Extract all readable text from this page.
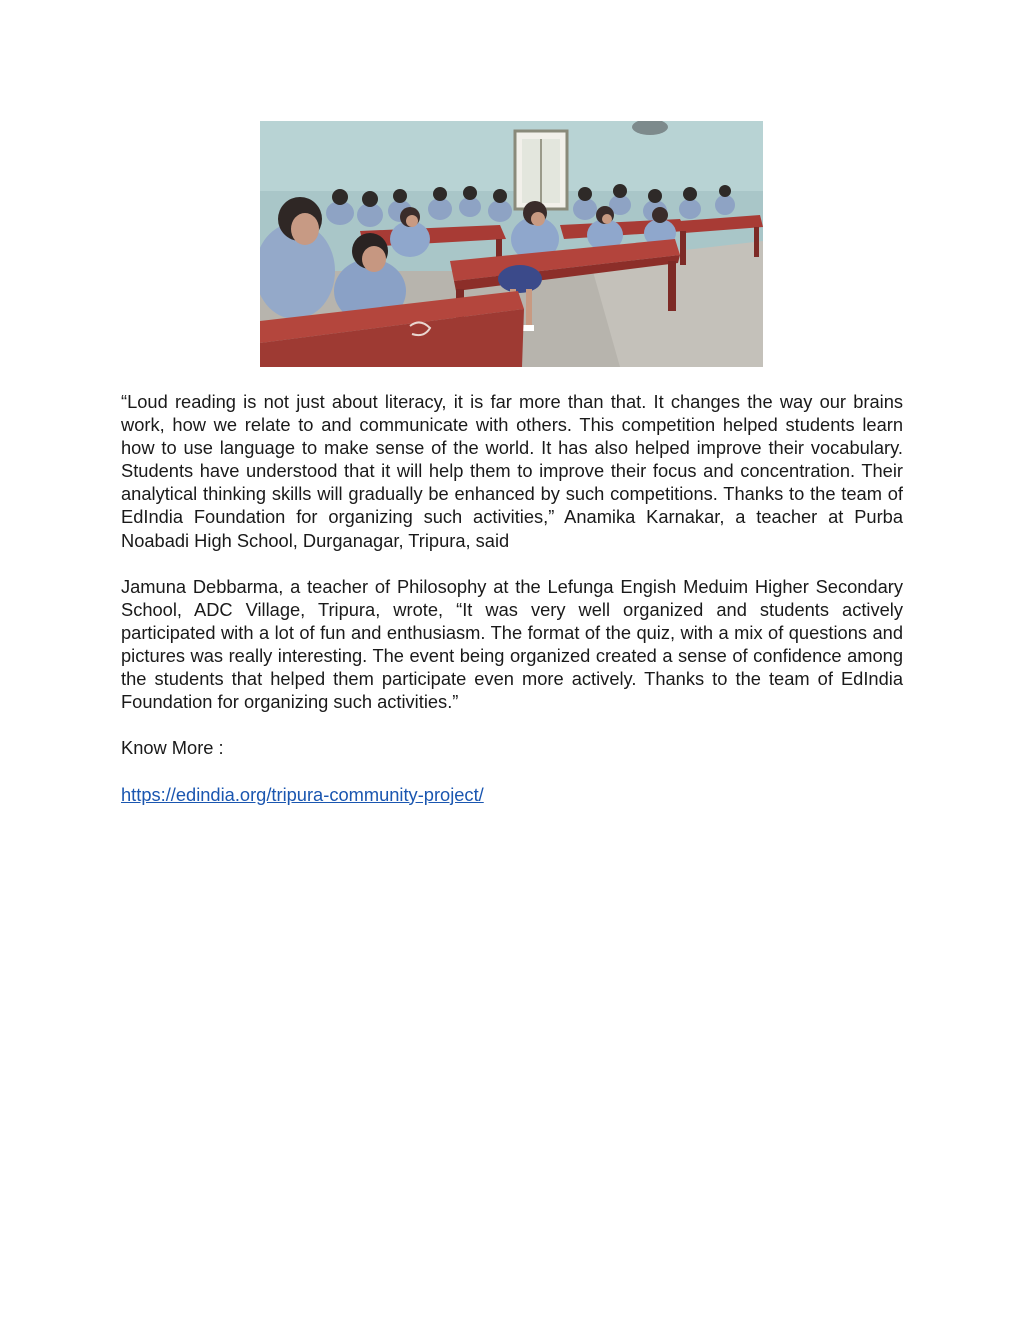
“Loud reading is not just about literacy, it is far more than that. It changes the way our brains work, how we relate to and communicate with others. This competition helped students learn how to use language to make sense of the world. It has also helped improve their vocabulary. Students have understood that it will help them to improve their focus and concentration. Their analytical thinking skills will gradually be enhanced by such competitions. Thanks to the team of EdIndia Foundation for organizing such activities,” Anamika Karnakar, a teacher at Purba Noabadi High School, Durganagar, Tripura, said

Jamuna Debbarma, a teacher of Philosophy at the Lefunga Engish Meduim Higher Secondary School, ADC Village, Tripura, wrote, “It was very well organized and students actively participated with a lot of fun and enthusiasm. The format of the quiz, with a mix of questions and pictures was really interesting. The event being organized created a sense of confidence among the students that helped them participate even more actively. Thanks to the team of EdIndia Foundation for organizing such activities.”

Know More :

https://edindia.org/tripura-community-project/
